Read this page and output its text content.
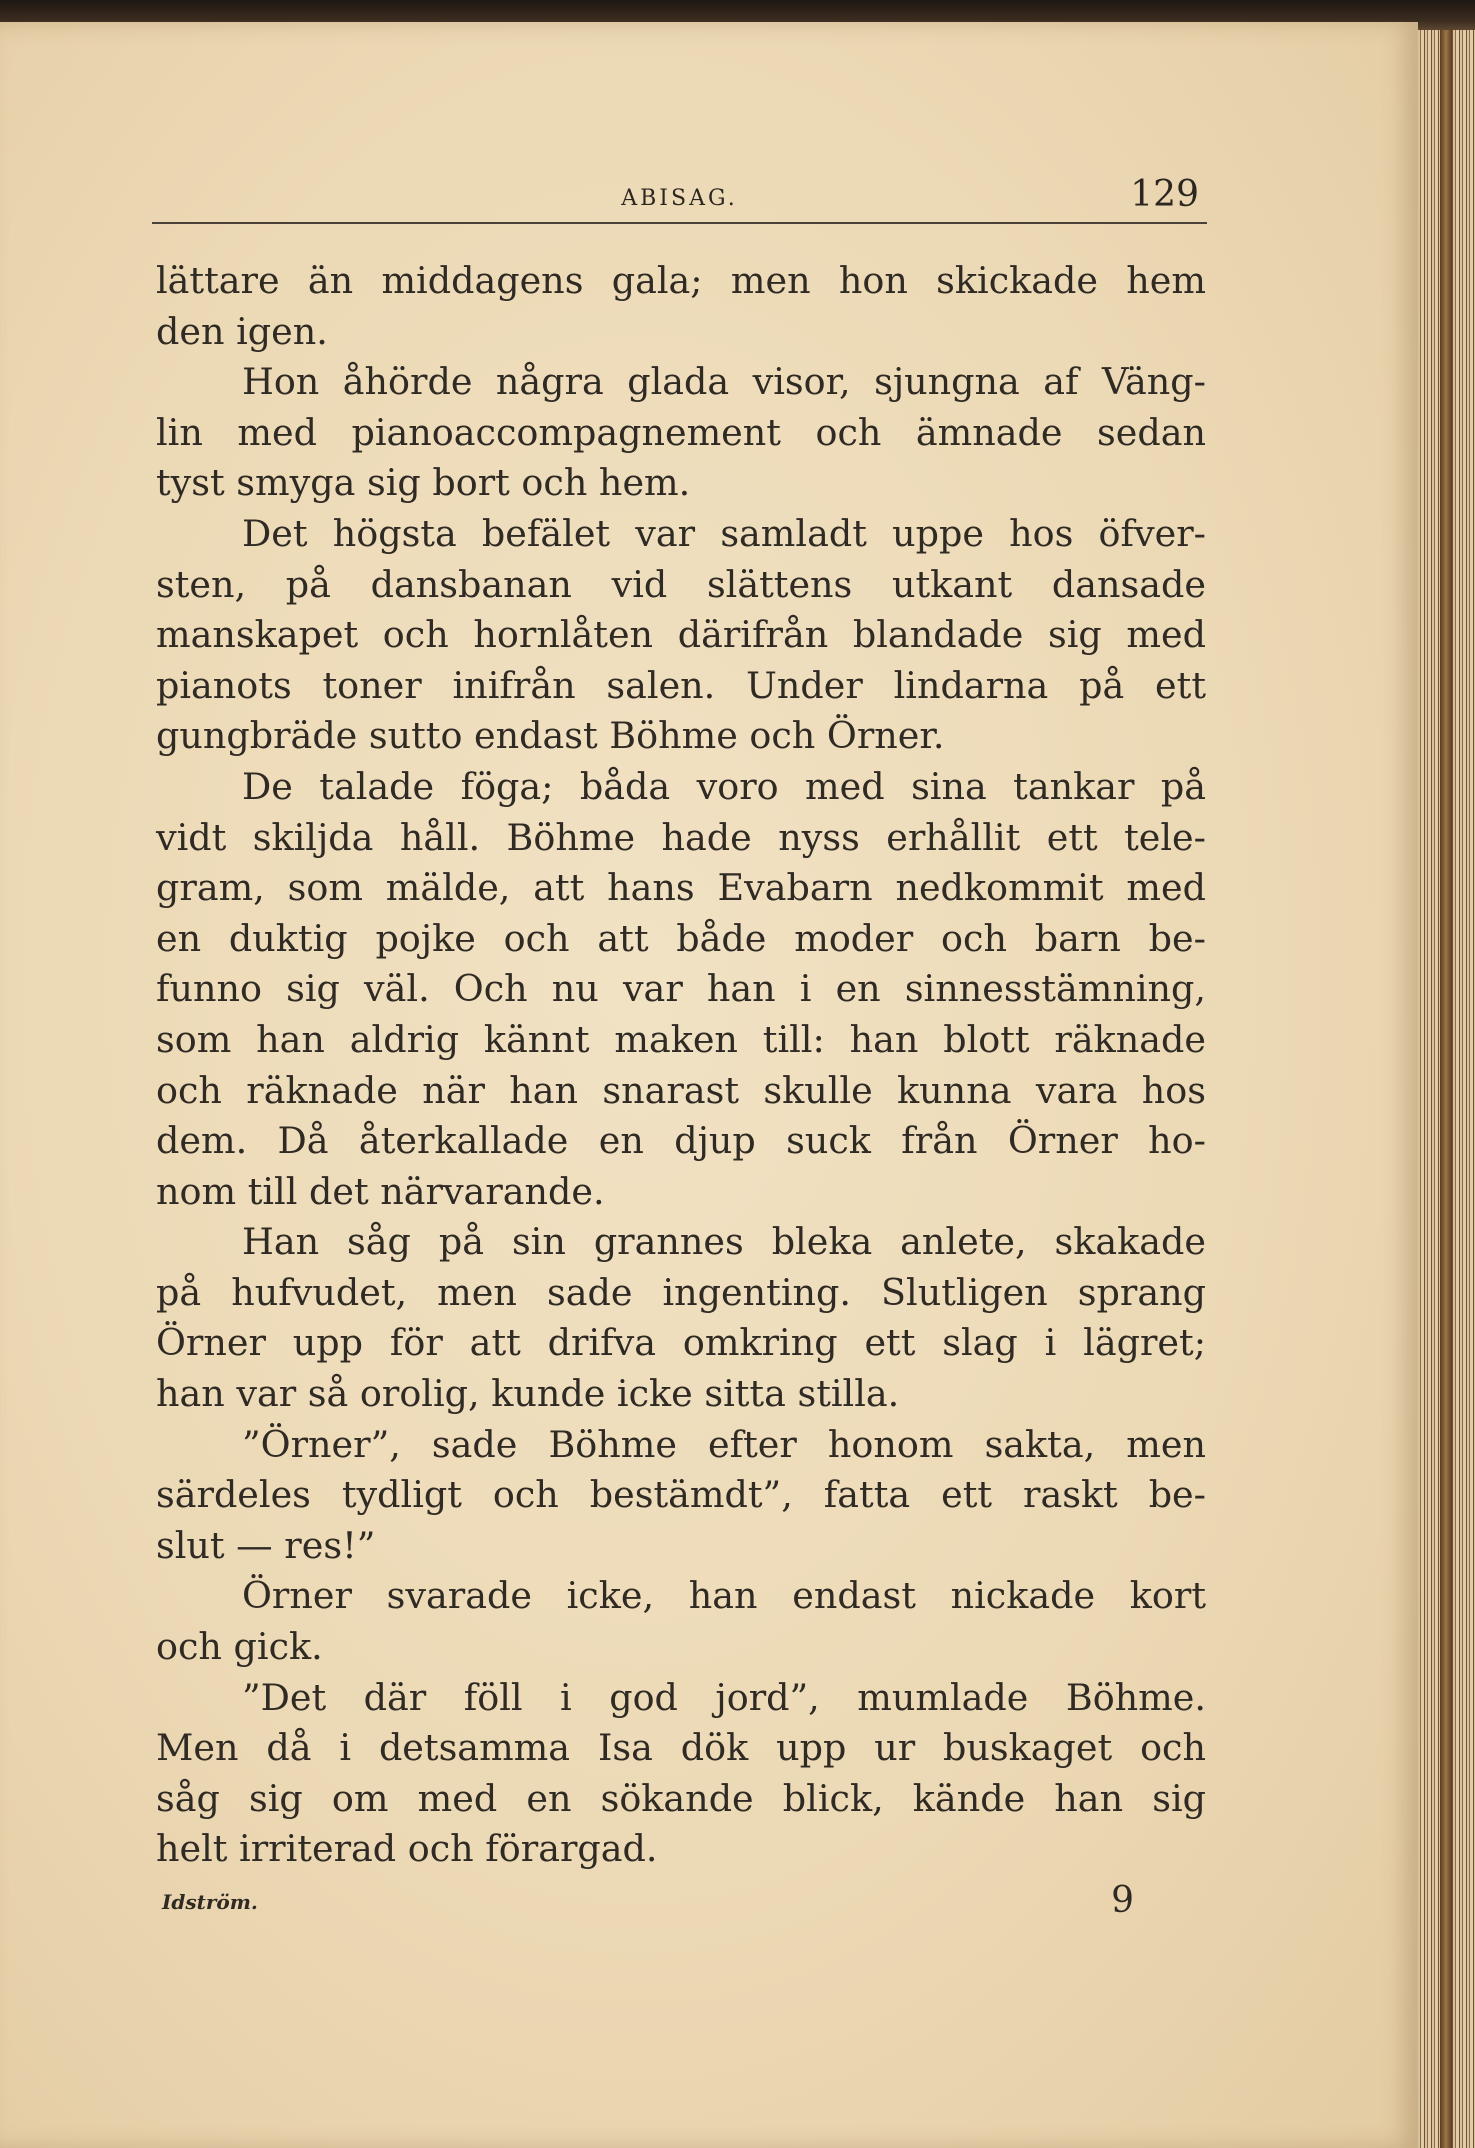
ABISAG.	129
lättare än middagens gala; men hon skickade hem
den igen.
Hon åhörde några glada visor, sjungna af Väng-
lin med pianoaccompagnement och ämnade sedan
tyst smyga sig bort och hem.
Det högsta befälet var samladt uppe hos öfver-
sten, på dansbanan vid slättens utkant dansade
manskapet och hornlåten därifrån blandade sig med
pianots toner inifrån salen. Under lindarna på ett
gungbräde sutto endast Böhme och Örner.
De talade föga; båda voro med sina tankar på
vidt skiljda håll. Böhme hade nyss erhållit ett tele-
gram, som mälde, att hans Evabarn nedkommit med
en duktig pojke och att både moder och barn be-
funno sig väl. Och nu var han i en sinnesstämning,
som han aldrig kännt maken till: han blott räknade
och räknade när han snarast skulle kunna vara hos
dem. Då återkallade en djup suck från Örner ho-
nom till det närvarande.
Han såg på sin grannes bleka anlete, skakade
på hufvudet, men sade ingenting. Slutligen sprang
Örner upp för att drifva omkring ett slag i lägret;
han var så orolig, kunde icke sitta stilla.
”Örner”, sade Böhme efter honom sakta, men
särdeles tydligt och bestämdt”, fatta ett raskt be-
slut — res!”
Örner svarade icke, han endast nickade kort
och gick.
”Det där föll i god jord”, mumlade Böhme.
Men då i detsamma Isa dök upp ur buskaget och
såg sig om med en sökande blick, kände han sig
helt irriterad och förargad.
Idström.	9
